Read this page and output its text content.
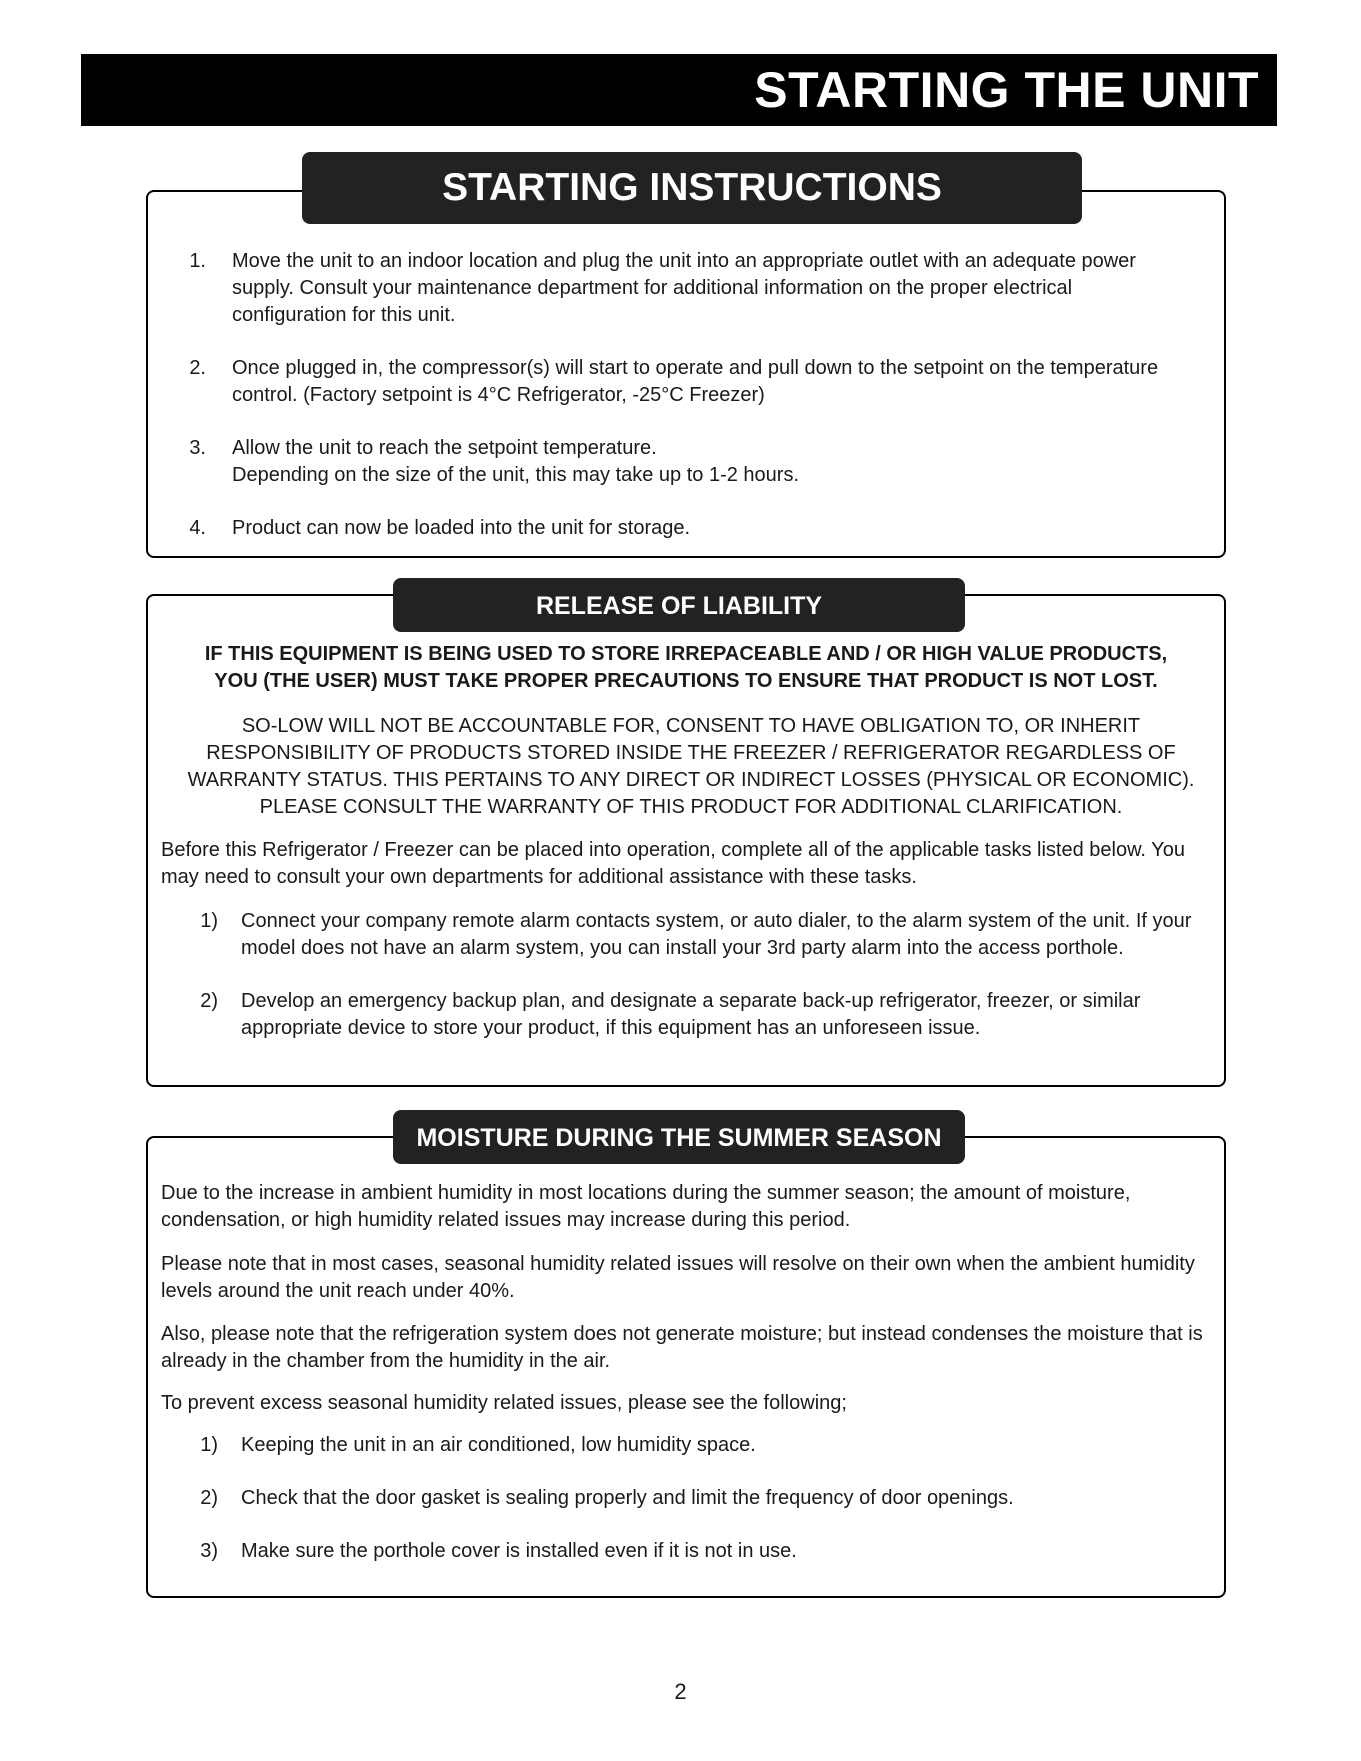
STARTING THE UNIT
STARTING INSTRUCTIONS
1. Move the unit to an indoor location and plug the unit into an appropriate outlet with an adequate power supply. Consult your maintenance department for additional information on the proper electrical configuration for this unit.
2. Once plugged in, the compressor(s) will start to operate and pull down to the setpoint on the temperature control. (Factory setpoint is 4°C Refrigerator, -25°C Freezer)
3. Allow the unit to reach the setpoint temperature.
Depending on the size of the unit, this may take up to 1-2 hours.
4. Product can now be loaded into the unit for storage.
RELEASE OF LIABILITY
IF THIS EQUIPMENT IS BEING USED TO STORE IRREPACEABLE AND / OR HIGH VALUE PRODUCTS,
YOU (THE USER) MUST TAKE PROPER PRECAUTIONS TO ENSURE THAT PRODUCT IS NOT LOST.
SO-LOW WILL NOT BE ACCOUNTABLE FOR, CONSENT TO HAVE OBLIGATION TO, OR INHERIT
RESPONSIBILITY OF PRODUCTS STORED INSIDE THE FREEZER / REFRIGERATOR REGARDLESS OF
WARRANTY STATUS. THIS PERTAINS TO ANY DIRECT OR INDIRECT LOSSES (PHYSICAL OR ECONOMIC).
PLEASE CONSULT THE WARRANTY OF THIS PRODUCT FOR ADDITIONAL CLARIFICATION.
Before this Refrigerator / Freezer can be placed into operation, complete all of the applicable tasks listed below. You may need to consult your own departments for additional assistance with these tasks.
1) Connect your company remote alarm contacts system, or auto dialer, to the alarm system of the unit. If your model does not have an alarm system, you can install your 3rd party alarm into the access porthole.
2) Develop an emergency backup plan, and designate a separate back-up refrigerator, freezer, or similar appropriate device to store your product, if this equipment has an unforeseen issue.
MOISTURE DURING THE SUMMER SEASON
Due to the increase in ambient humidity in most locations during the summer season; the amount of moisture, condensation, or high humidity related issues may increase during this period.
Please note that in most cases, seasonal humidity related issues will resolve on their own when the ambient humidity levels around the unit reach under 40%.
Also, please note that the refrigeration system does not generate moisture; but instead condenses the moisture that is already in the chamber from the humidity in the air.
To prevent excess seasonal humidity related issues, please see the following;
1) Keeping the unit in an air conditioned, low humidity space.
2) Check that the door gasket is sealing properly and limit the frequency of door openings.
3) Make sure the porthole cover is installed even if it is not in use.
2
